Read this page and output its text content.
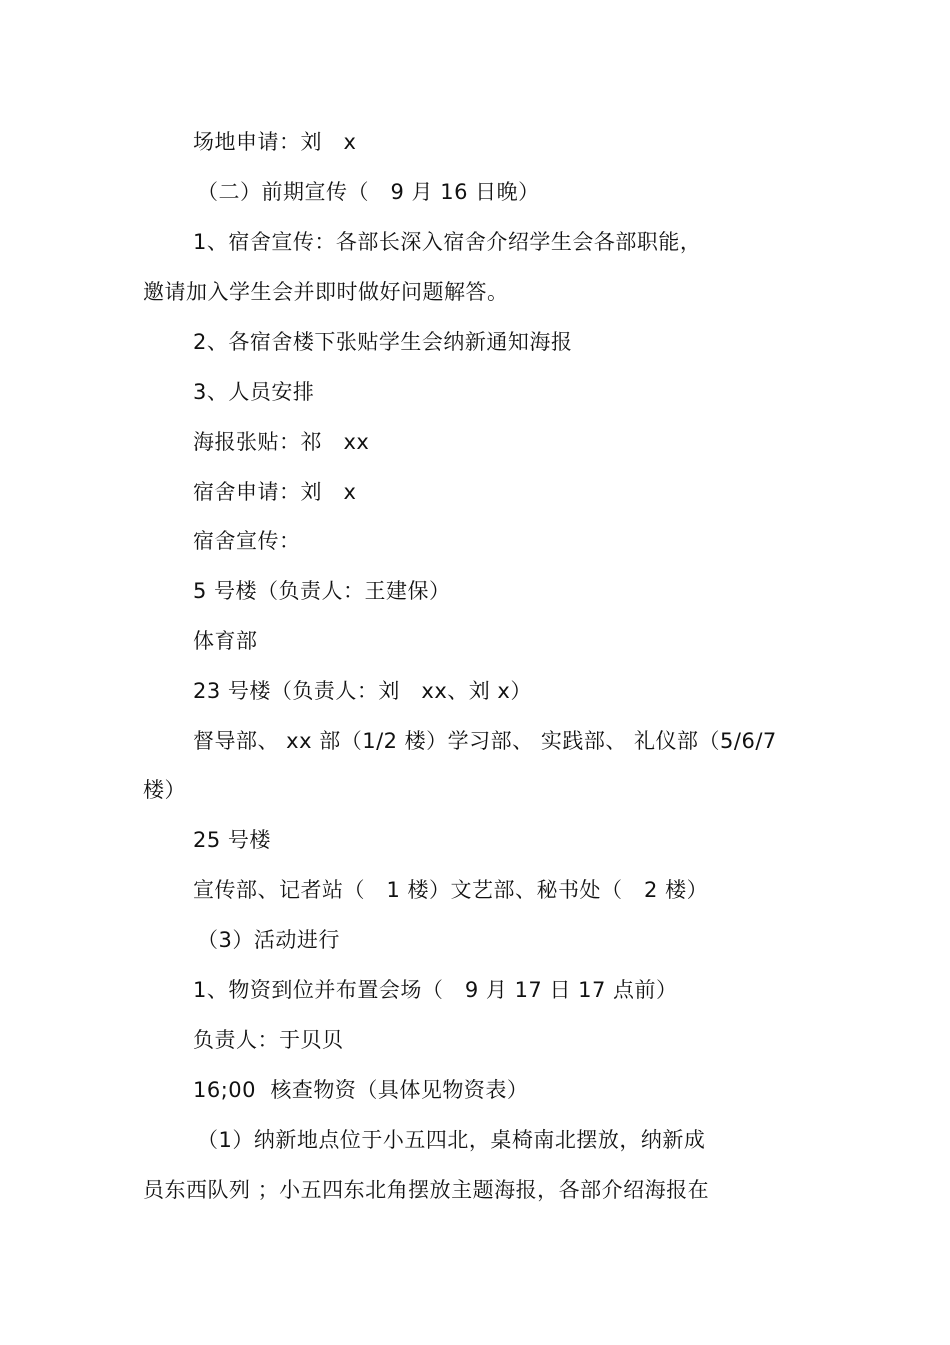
场地申请：刘　x
（二）前期宣传（　9 月 16 日晚）
1、宿舍宣传：各部长深入宿舍介绍学生会各部职能，
邀请加入学生会并即时做好问题解答。
2、各宿舍楼下张贴学生会纳新通知海报
3、人员安排
海报张贴：祁　xx
宿舍申请：刘　x
宿舍宣传：
5 号楼（负责人：王建保）
体育部
23 号楼（负责人：刘　xx、刘 x）
督导部、 xx 部（1/2 楼）学习部、 实践部、 礼仪部（5/6/7
楼）
25 号楼
宣传部、记者站（　1 楼）文艺部、秘书处（　2 楼）
（3）活动进行
1、物资到位并布置会场（　9 月 17 日 17 点前）
负责人：于贝贝
16;00  核查物资（具体见物资表）
（1）纳新地点位于小五四北，桌椅南北摆放，纳新成
员东西队列 ；小五四东北角摆放主题海报，各部介绍海报在
